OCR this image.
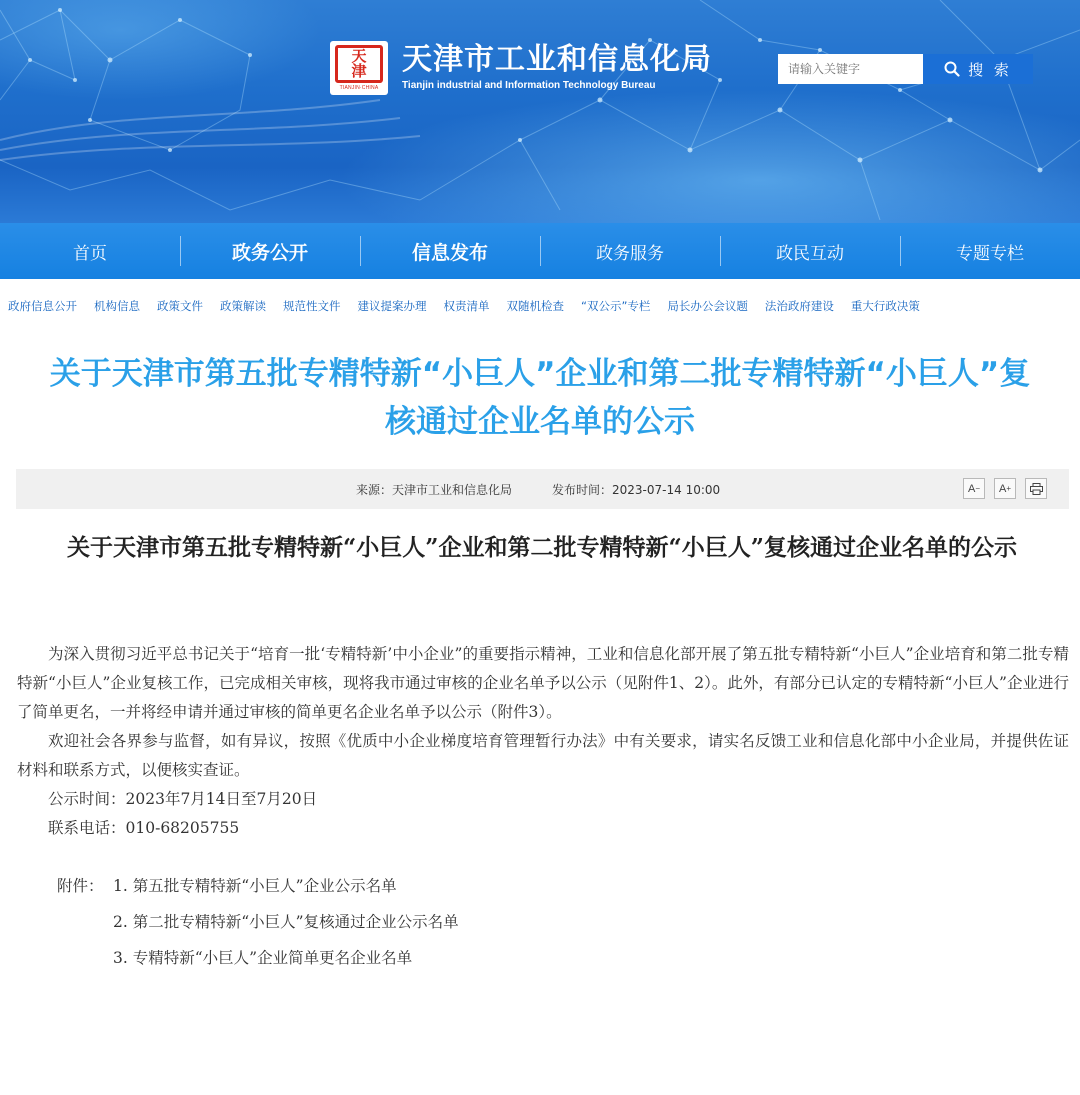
天津
TIANJIN·CHINA
天津市工业和信息化局
Tianjin industrial and Information Technology Bureau
请输入关键字
搜 索
首页	政务公开	信息发布	政务服务	政民互动	专题专栏
政府信息公开 机构信息 政策文件 政策解读 规范性文件 建议提案办理 权责清单 双随机检查 “双公示”专栏 局长办公会议题 法治政府建设 重大行政决策
关于天津市第五批专精特新“小巨人”企业和第二批专精特新“小巨人”复核通过企业名单的公示
来源：天津市工业和信息化局	发布时间：2023-07-14 10:00	A − A +
关于天津市第五批专精特新“小巨人”企业和第二批专精特新“小巨人”复核通过企业名单的公示

为深入贯彻习近平总书记关于“培育一批‘专精特新’中小企业”的重要指示精神，工业和信息化部开展了第五批专精特新“小巨人”企业培育和第二批专精特新“小巨人”企业复核工作，已完成相关审核，现将我市通过审核的企业名单予以公示（见附件1、2）。此外，有部分已认定的专精特新“小巨人”企业进行了简单更名，一并将经申请并通过审核的简单更名企业名单予以公示（附件3）。

欢迎社会各界参与监督，如有异议，按照《优质中小企业梯度培育管理暂行办法》中有关要求，请实名反馈工业和信息化部中小企业局，并提供佐证材料和联系方式，以便核实查证。

公示时间：2023年7月14日至7月20日

联系电话：010-68205755

附件： 1. 第五批专精特新“小巨人”企业公示名单
2. 第二批专精特新“小巨人”复核通过企业公示名单
3. 专精特新“小巨人”企业简单更名企业名单
